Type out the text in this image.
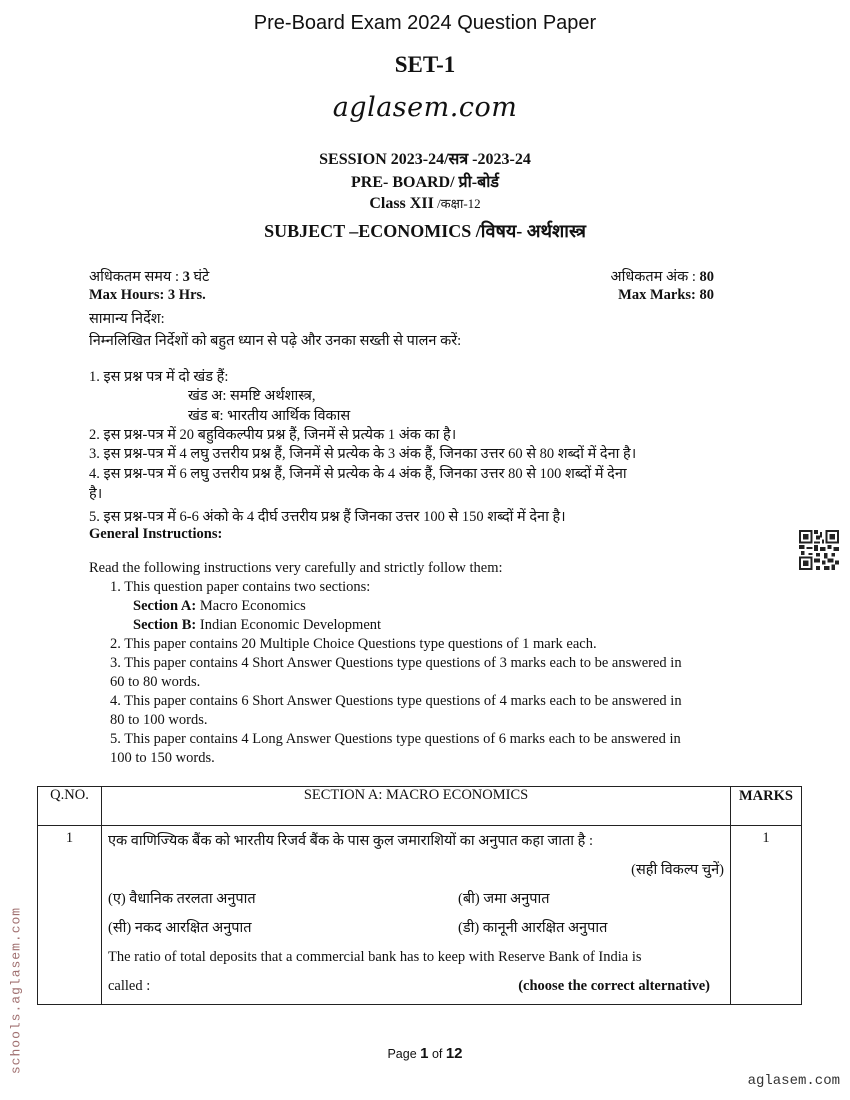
Pre-Board Exam 2024 Question Paper
SET-1
aglasem.com
SESSION 2023-24/सत्र -2023-24
PRE- BOARD/ प्री-बोर्ड
Class XII /कक्षा-12
SUBJECT –ECONOMICS /विषय- अर्थशास्त्र
अधिकतम समय : 3 घंटे
Max Hours: 3 Hrs.
अधिकतम अंक : 80
Max Marks: 80
सामान्य निर्देश:
निम्नलिखित निर्देशों को बहुत ध्यान से पढ़े और उनका सख्ती से पालन करें:
1. इस प्रश्न पत्र में दो खंड हैं:
खंड अ: समष्टि अर्थशास्त्र,
खंड ब: भारतीय आर्थिक विकास
2. इस प्रश्न-पत्र में 20 बहुविकल्पीय प्रश्न हैं, जिनमें से प्रत्येक 1 अंक का है।
3. इस प्रश्न-पत्र में 4 लघु उत्तरीय प्रश्न हैं, जिनमें से प्रत्येक के 3 अंक हैं, जिनका उत्तर 60 से 80 शब्दों में देना है।
4. इस प्रश्न-पत्र में 6 लघु उत्तरीय प्रश्न हैं, जिनमें से प्रत्येक के 4 अंक हैं, जिनका उत्तर 80 से 100 शब्दों में देना
है।
5. इस प्रश्न-पत्र में 6-6 अंको के 4 दीर्घ उत्तरीय प्रश्न हैं जिनका उत्तर 100 से 150 शब्दों में देना है।
General Instructions:
Read the following instructions very carefully and strictly follow them:
1. This question paper contains two sections:
Section A: Macro Economics
Section B: Indian Economic Development
2. This paper contains 20 Multiple Choice Questions type questions of 1 mark each.
3. This paper contains 4 Short Answer Questions type questions of 3 marks each to be answered in
60 to 80 words.
4. This paper contains 6 Short Answer Questions type questions of 4 marks each to be answered in
80 to 100 words.
5. This paper contains 4 Long Answer Questions type questions of 6 marks each to be answered in
100 to 150 words.
Q.NO.	SECTION A: MACRO ECONOMICS	MARKS
1	एक वाणिज्यिक बैंक को भारतीय रिजर्व बैंक के पास कुल जमाराशियों का अनुपात कहा जाता है :
(सही विकल्प चुनें)
(ए) वैधानिक तरलता अनुपात	(बी) जमा अनुपात
(सी) नकद आरक्षित अनुपात	(डी) कानूनी आरक्षित अनुपात
The ratio of total deposits that a commercial bank has to keep with Reserve Bank of India is
called :	(choose the correct alternative)
	1
schools.aglasem.com	Page 1 of 12
aglasem.com
